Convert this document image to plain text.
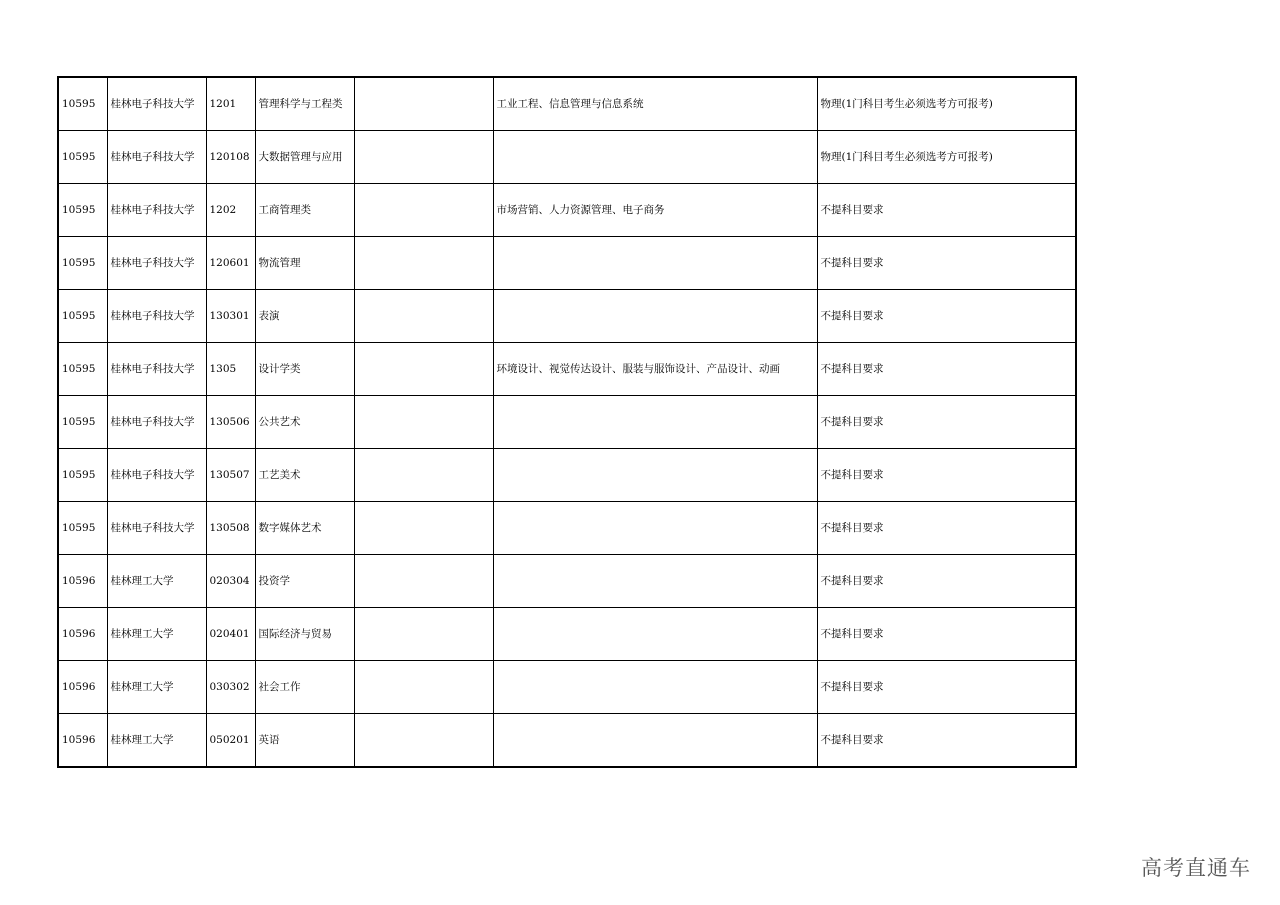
10595	桂林电子科技大学	1201	管理科学与工程类		工业工程、信息管理与信息系统	物理(1门科目考生必须选考方可报考)
10595	桂林电子科技大学	120108	大数据管理与应用			物理(1门科目考生必须选考方可报考)
10595	桂林电子科技大学	1202	工商管理类		市场营销、人力资源管理、电子商务	不提科目要求
10595	桂林电子科技大学	120601	物流管理			不提科目要求
10595	桂林电子科技大学	130301	表演			不提科目要求
10595	桂林电子科技大学	1305	设计学类		环境设计、视觉传达设计、服装与服饰设计、产品设计、动画	不提科目要求
10595	桂林电子科技大学	130506	公共艺术			不提科目要求
10595	桂林电子科技大学	130507	工艺美术			不提科目要求
10595	桂林电子科技大学	130508	数字媒体艺术			不提科目要求
10596	桂林理工大学	020304	投资学			不提科目要求
10596	桂林理工大学	020401	国际经济与贸易			不提科目要求
10596	桂林理工大学	030302	社会工作			不提科目要求
10596	桂林理工大学	050201	英语			不提科目要求
高考直通车
